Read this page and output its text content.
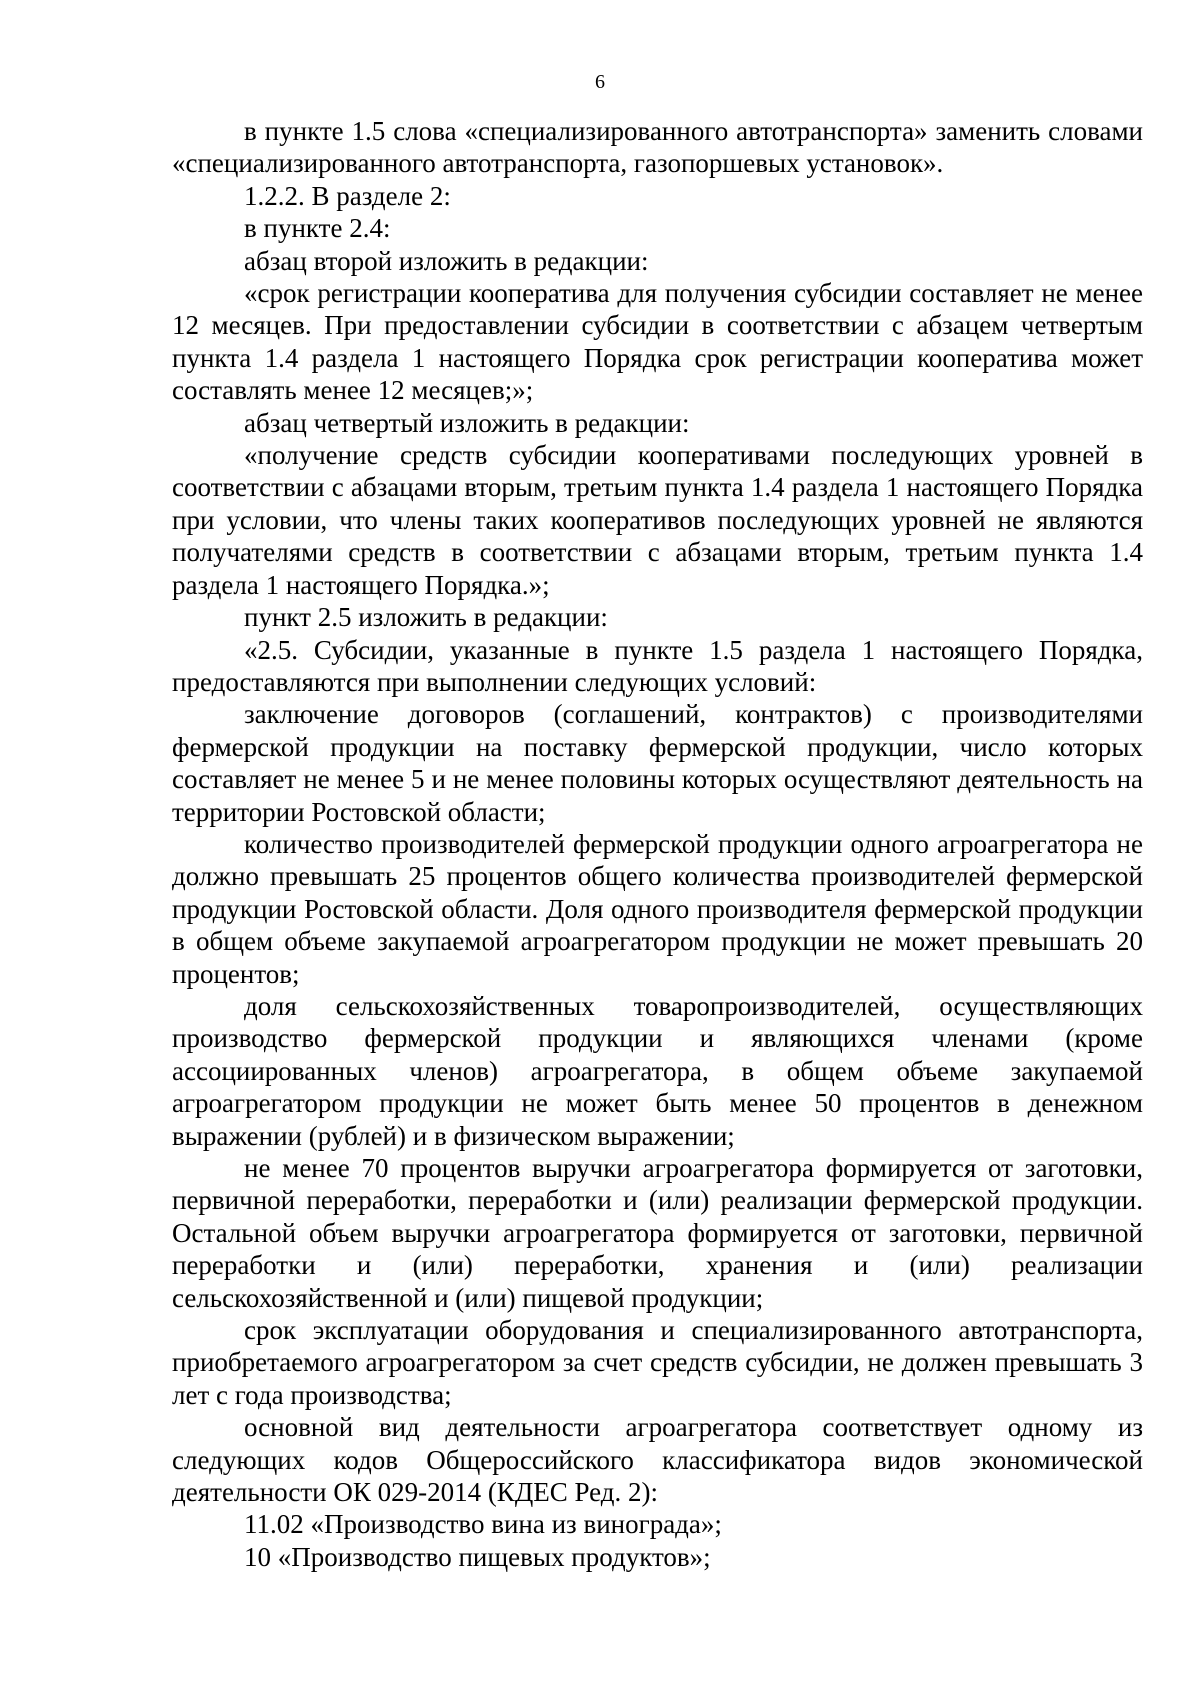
6

в пункте 1.5 слова «специализированного автотранспорта» заменить словами «специализированного автотранспорта, газопоршевых установок».

1.2.2. В разделе 2:

в пункте 2.4:

абзац второй изложить в редакции:

«срок регистрации кооператива для получения субсидии составляет не менее 12 месяцев. При предоставлении субсидии в соответствии с абзацем четвертым пункта 1.4 раздела 1 настоящего Порядка срок регистрации кооператива может составлять менее 12 месяцев;»;

абзац четвертый изложить в редакции:

«получение средств субсидии кооперативами последующих уровней в соответствии с абзацами вторым, третьим пункта 1.4 раздела 1 настоящего Порядка при условии, что члены таких кооперативов последующих уровней не являются получателями средств в соответствии с абзацами вторым, третьим пункта 1.4 раздела 1 настоящего Порядка.»;

пункт 2.5 изложить в редакции:

«2.5. Субсидии, указанные в пункте 1.5 раздела 1 настоящего Порядка, предоставляются при выполнении следующих условий:

заключение договоров (соглашений, контрактов) с производителями фермерской продукции на поставку фермерской продукции, число которых составляет не менее 5 и не менее половины которых осуществляют деятельность на территории Ростовской области;

количество производителей фермерской продукции одного агроагрегатора не должно превышать 25 процентов общего количества производителей фермерской продукции Ростовской области. Доля одного производителя фермерской продукции в общем объеме закупаемой агроагрегатором продукции не может превышать 20 процентов;

доля сельскохозяйственных товаропроизводителей, осуществляющих производство фермерской продукции и являющихся членами (кроме ассоциированных членов) агроагрегатора, в общем объеме закупаемой агроагрегатором продукции не может быть менее 50 процентов в денежном выражении (рублей) и в физическом выражении;

не менее 70 процентов выручки агроагрегатора формируется от заготовки, первичной переработки, переработки и (или) реализации фермерской продукции. Остальной объем выручки агроагрегатора формируется от заготовки, первичной переработки и (или) переработки, хранения и (или) реализации сельскохозяйственной и (или) пищевой продукции;

срок эксплуатации оборудования и специализированного автотранспорта, приобретаемого агроагрегатором за счет средств субсидии, не должен превышать 3 лет с года производства;

основной вид деятельности агроагрегатора соответствует одному из следующих кодов Общероссийского классификатора видов экономической деятельности ОК 029-2014 (КДЕС Ред. 2):

11.02 «Производство вина из винограда»;

10 «Производство пищевых продуктов»;
